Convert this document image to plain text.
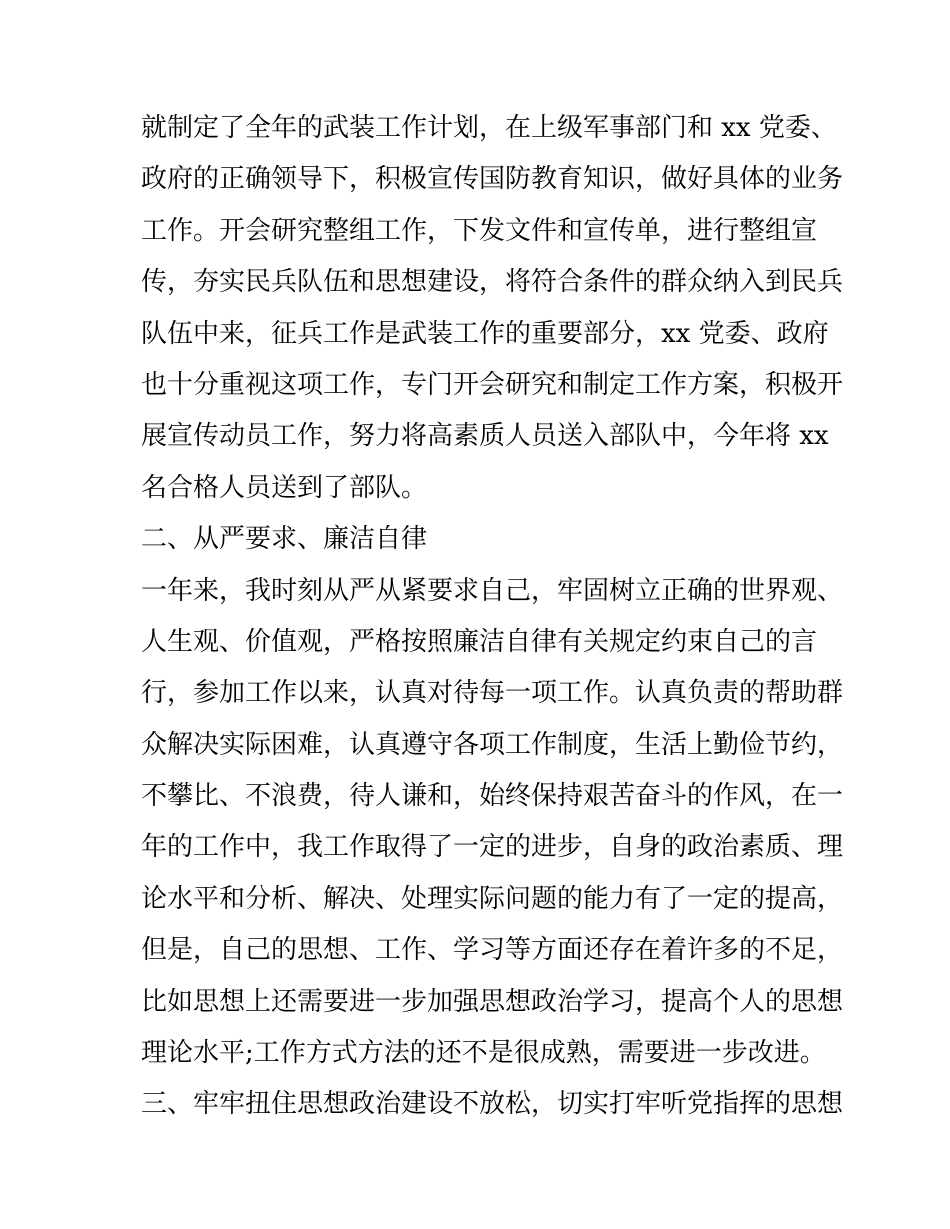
就制定了全年的武装工作计划，在上级军事部门和 xx 党委、
政府的正确领导下，积极宣传国防教育知识，做好具体的业务
工作。开会研究整组工作，下发文件和宣传单，进行整组宣
传，夯实民兵队伍和思想建设，将符合条件的群众纳入到民兵
队伍中来，征兵工作是武装工作的重要部分，xx 党委、政府
也十分重视这项工作，专门开会研究和制定工作方案，积极开
展宣传动员工作，努力将高素质人员送入部队中，今年将 xx
名合格人员送到了部队。
二、从严要求、廉洁自律
一年来，我时刻从严从紧要求自己，牢固树立正确的世界观、
人生观、价值观，严格按照廉洁自律有关规定约束自己的言
行，参加工作以来，认真对待每一项工作。认真负责的帮助群
众解决实际困难，认真遵守各项工作制度，生活上勤俭节约，
不攀比、不浪费，待人谦和，始终保持艰苦奋斗的作风，在一
年的工作中，我工作取得了一定的进步，自身的政治素质、理
论水平和分析、解决、处理实际问题的能力有了一定的提高，
但是，自己的思想、工作、学习等方面还存在着许多的不足，
比如思想上还需要进一步加强思想政治学习，提高个人的思想
理论水平;工作方式方法的还不是很成熟，需要进一步改进。
三、牢牢扭住思想政治建设不放松，切实打牢听党指挥的思想
